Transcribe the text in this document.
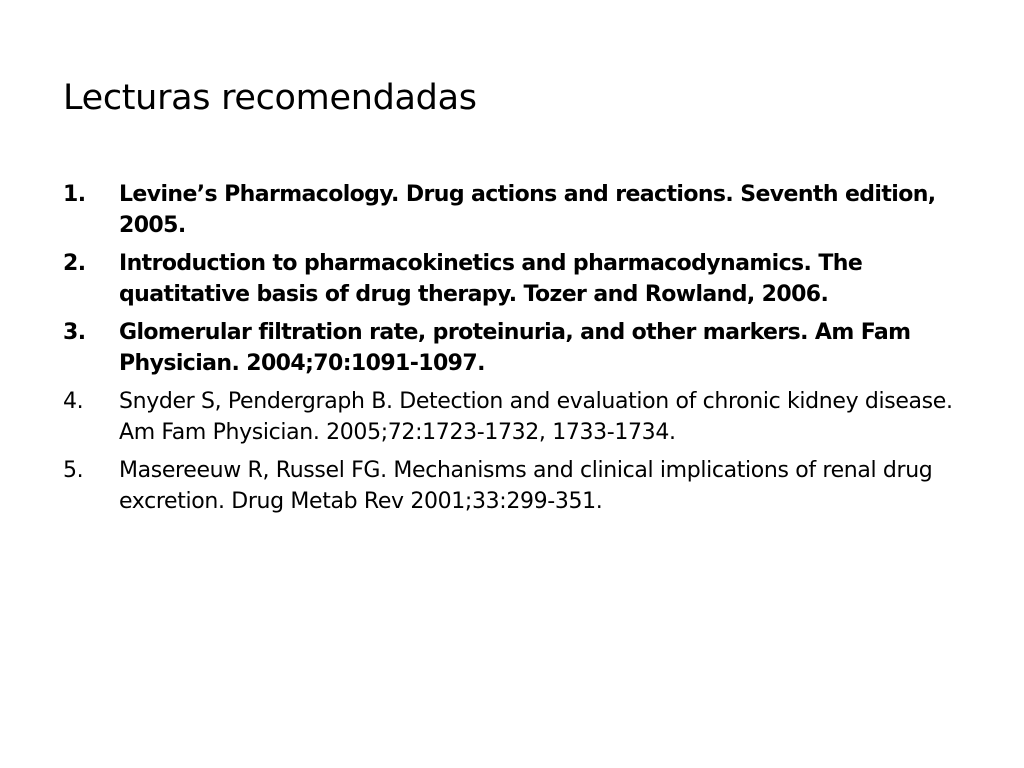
Lecturas recomendadas
1. Levine’s Pharmacology. Drug actions and reactions. Seventh edition, 2005.
2. Introduction to pharmacokinetics and pharmacodynamics. The quatitative basis of drug therapy. Tozer and Rowland, 2006.
3. Glomerular filtration rate, proteinuria, and other markers. Am Fam Physician. 2004;70:1091-1097.
4. Snyder S, Pendergraph B. Detection and evaluation of chronic kidney disease. Am Fam Physician. 2005;72:1723-1732, 1733-1734.
5. Masereeuw R, Russel FG. Mechanisms and clinical implications of renal drug excretion. Drug Metab Rev 2001;33:299-351.
